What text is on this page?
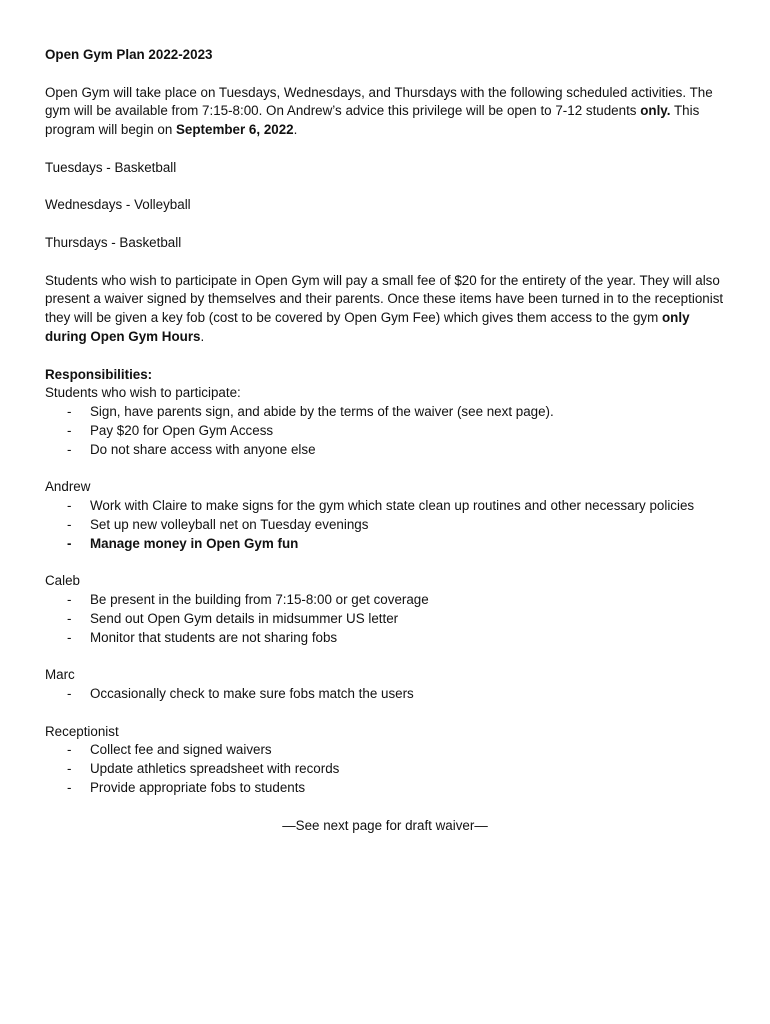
Open Gym Plan 2022-2023

Open Gym will take place on Tuesdays, Wednesdays, and Thursdays with the following scheduled activities. The gym will be available from 7:15-8:00. On Andrew’s advice this privilege will be open to 7-12 students only. This program will begin on September 6, 2022.

Tuesdays - Basketball

Wednesdays - Volleyball

Thursdays - Basketball

Students who wish to participate in Open Gym will pay a small fee of $20 for the entirety of the year. They will also present a waiver signed by themselves and their parents. Once these items have been turned in to the receptionist they will be given a key fob (cost to be covered by Open Gym Fee) which gives them access to the gym only during Open Gym Hours.

Responsibilities:

Students who wish to participate:

- Sign, have parents sign, and abide by the terms of the waiver (see next page).
- Pay $20 for Open Gym Access
- Do not share access with anyone else

Andrew

- Work with Claire to make signs for the gym which state clean up routines and other necessary policies
- Set up new volleyball net on Tuesday evenings
- Manage money in Open Gym fun

Caleb

- Be present in the building from 7:15-8:00 or get coverage
- Send out Open Gym details in midsummer US letter
- Monitor that students are not sharing fobs

Marc

- Occasionally check to make sure fobs match the users

Receptionist

- Collect fee and signed waivers
- Update athletics spreadsheet with records
- Provide appropriate fobs to students

—See next page for draft waiver—
